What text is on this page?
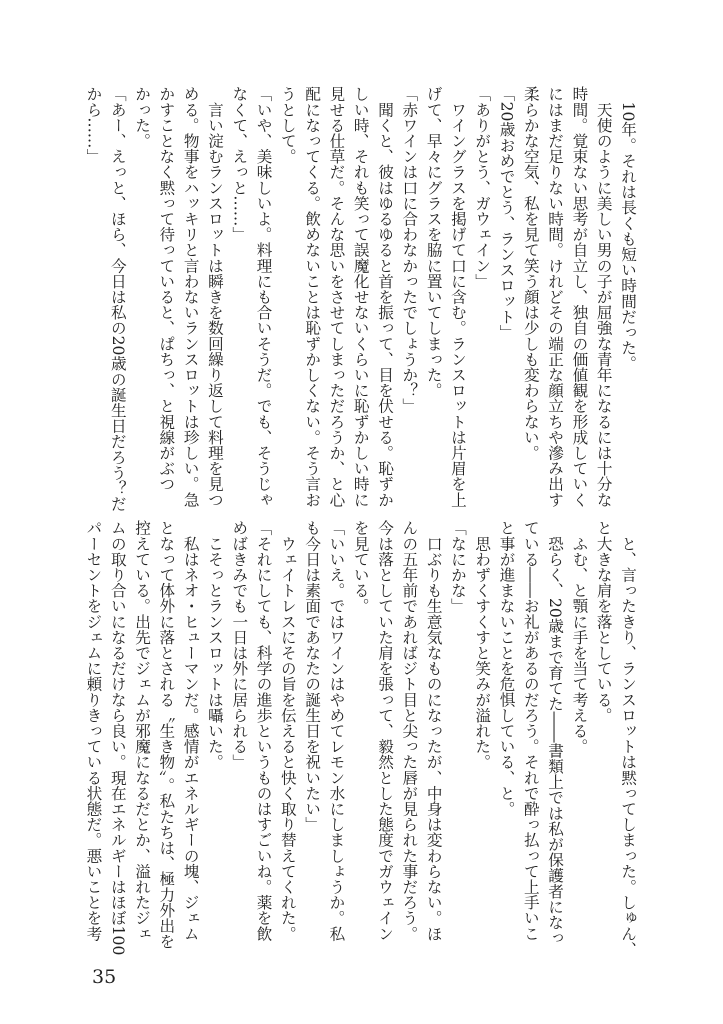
　10年。それは長くも短い時間だった。
　天使のように美しい男の子が屈強な青年になるには十分な
時間。覚束ない思考が自立し、独自の価値観を形成していく
にはまだ足りない時間。けれどその端正な顔立ちや滲み出す
柔らかな空気、私を見て笑う顔は少しも変わらない。
「20歳おめでとう、ランスロット」
「ありがとう、ガウェイン」
　ワイングラスを掲げて口に含む。ランスロットは片眉を上
げて、早々にグラスを脇に置いてしまった。
「赤ワインは口に合わなかったでしょうか？」
　聞くと、彼はゆるゆると首を振って、目を伏せる。恥ずか
しい時、それも笑って誤魔化せないくらいに恥ずかしい時に
見せる仕草だ。そんな思いをさせてしまっただろうか、と心
配になってくる。飲めないことは恥ずかしくない。そう言お
うとして。
「いや、美味しいよ。料理にも合いそうだ。でも、そうじゃ
なくて、えっと……」
　言い淀むランスロットは瞬きを数回繰り返して料理を見つ
める。物事をハッキリと言わないランスロットは珍しい。急
かすことなく黙って待っていると、ぱちっ、と視線がぶつ
かった。
「あー、えっと、ほら、今日は私の20歳の誕生日だろう？だ
から……」
　と、言ったきり、ランスロットは黙ってしまった。しゅん、
と大きな肩を落としている。
　ふむ、と顎に手を当て考える。
　恐らく、20歳まで育てた――書類上では私が保護者になっ
ている――お礼があるのだろう。それで酔っ払って上手いこ
と事が進まないことを危惧している、と。
　思わずくすくすと笑みが溢れた。
「なにかな」
　口ぶりも生意気なものになったが、中身は変わらない。ほ
んの五年前であればジト目と尖った唇が見られた事だろう。
今は落としていた肩を張って、毅然とした態度でガウェイン
を見ている。
「いいえ。ではワインはやめてレモン水にしましょうか。私
も今日は素面であなたの誕生日を祝いたい」
　ウェイトレスにその旨を伝えると快く取り替えてくれた。
「それにしても、科学の進歩というものはすごいね。薬を飲
めばきみでも一日は外に居られる」
　こそっとランスロットは囁いた。
　私はネオ・ヒューマンだ。感情がエネルギーの塊、ジェム
となって体外に落とされる〝生き物〟。私たちは、極力外出を
控えている。出先でジェムが邪魔になるだとか、溢れたジェ
ムの取り合いになるだけなら良い。現在エネルギーはほぼ100
パーセントをジェムに頼りきっている状態だ。悪いことを考
35
